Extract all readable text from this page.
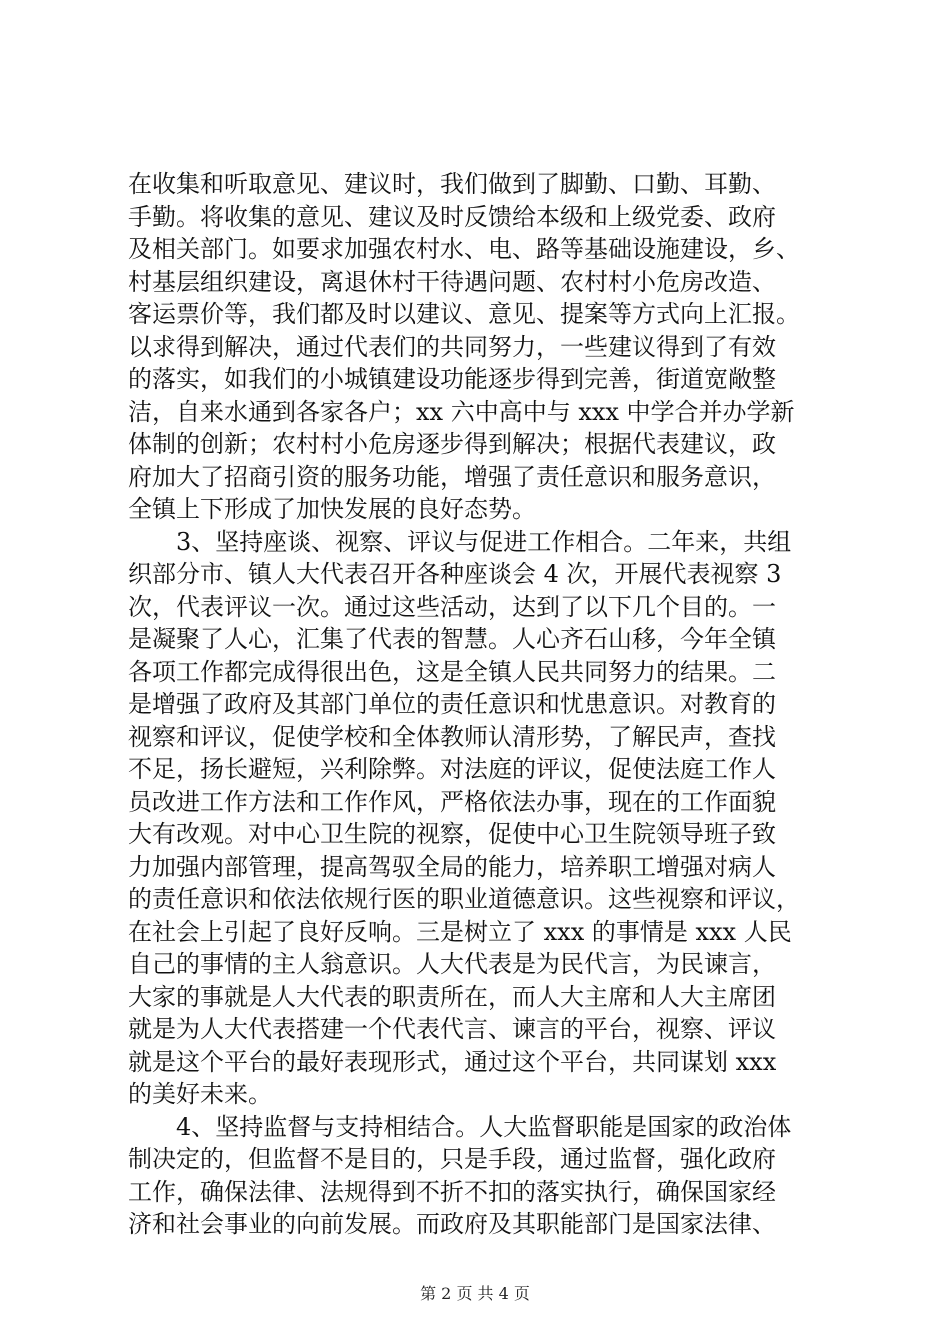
在收集和听取意见、建议时，我们做到了脚勤、口勤、耳勤、
手勤。将收集的意见、建议及时反馈给本级和上级党委、政府
及相关部门。如要求加强农村水、电、路等基础设施建设，乡、
村基层组织建设，离退休村干待遇问题、农村村小危房改造、
客运票价等，我们都及时以建议、意见、提案等方式向上汇报。
以求得到解决，通过代表们的共同努力，一些建议得到了有效
的落实，如我们的小城镇建设功能逐步得到完善，街道宽敞整
洁，自来水通到各家各户；xx 六中高中与 xxx 中学合并办学新
体制的创新；农村村小危房逐步得到解决；根据代表建议，政
府加大了招商引资的服务功能，增强了责任意识和服务意识，
全镇上下形成了加快发展的良好态势。
3、坚持座谈、视察、评议与促进工作相合。二年来，共组
织部分市、镇人大代表召开各种座谈会 4 次，开展代表视察 3
次，代表评议一次。通过这些活动，达到了以下几个目的。一
是凝聚了人心，汇集了代表的智慧。人心齐石山移，今年全镇
各项工作都完成得很出色，这是全镇人民共同努力的结果。二
是增强了政府及其部门单位的责任意识和忧患意识。对教育的
视察和评议，促使学校和全体教师认清形势，了解民声，查找
不足，扬长避短，兴利除弊。对法庭的评议，促使法庭工作人
员改进工作方法和工作作风，严格依法办事，现在的工作面貌
大有改观。对中心卫生院的视察，促使中心卫生院领导班子致
力加强内部管理，提高驾驭全局的能力，培养职工增强对病人
的责任意识和依法依规行医的职业道德意识。这些视察和评议，
在社会上引起了良好反响。三是树立了 xxx 的事情是 xxx 人民
自己的事情的主人翁意识。人大代表是为民代言，为民谏言，
大家的事就是人大代表的职责所在，而人大主席和人大主席团
就是为人大代表搭建一个代表代言、谏言的平台，视察、评议
就是这个平台的最好表现形式，通过这个平台，共同谋划 xxx
的美好未来。
4、坚持监督与支持相结合。人大监督职能是国家的政治体
制决定的，但监督不是目的，只是手段，通过监督，强化政府
工作，确保法律、法规得到不折不扣的落实执行，确保国家经
济和社会事业的向前发展。而政府及其职能部门是国家法律、
第 2 页 共 4 页
